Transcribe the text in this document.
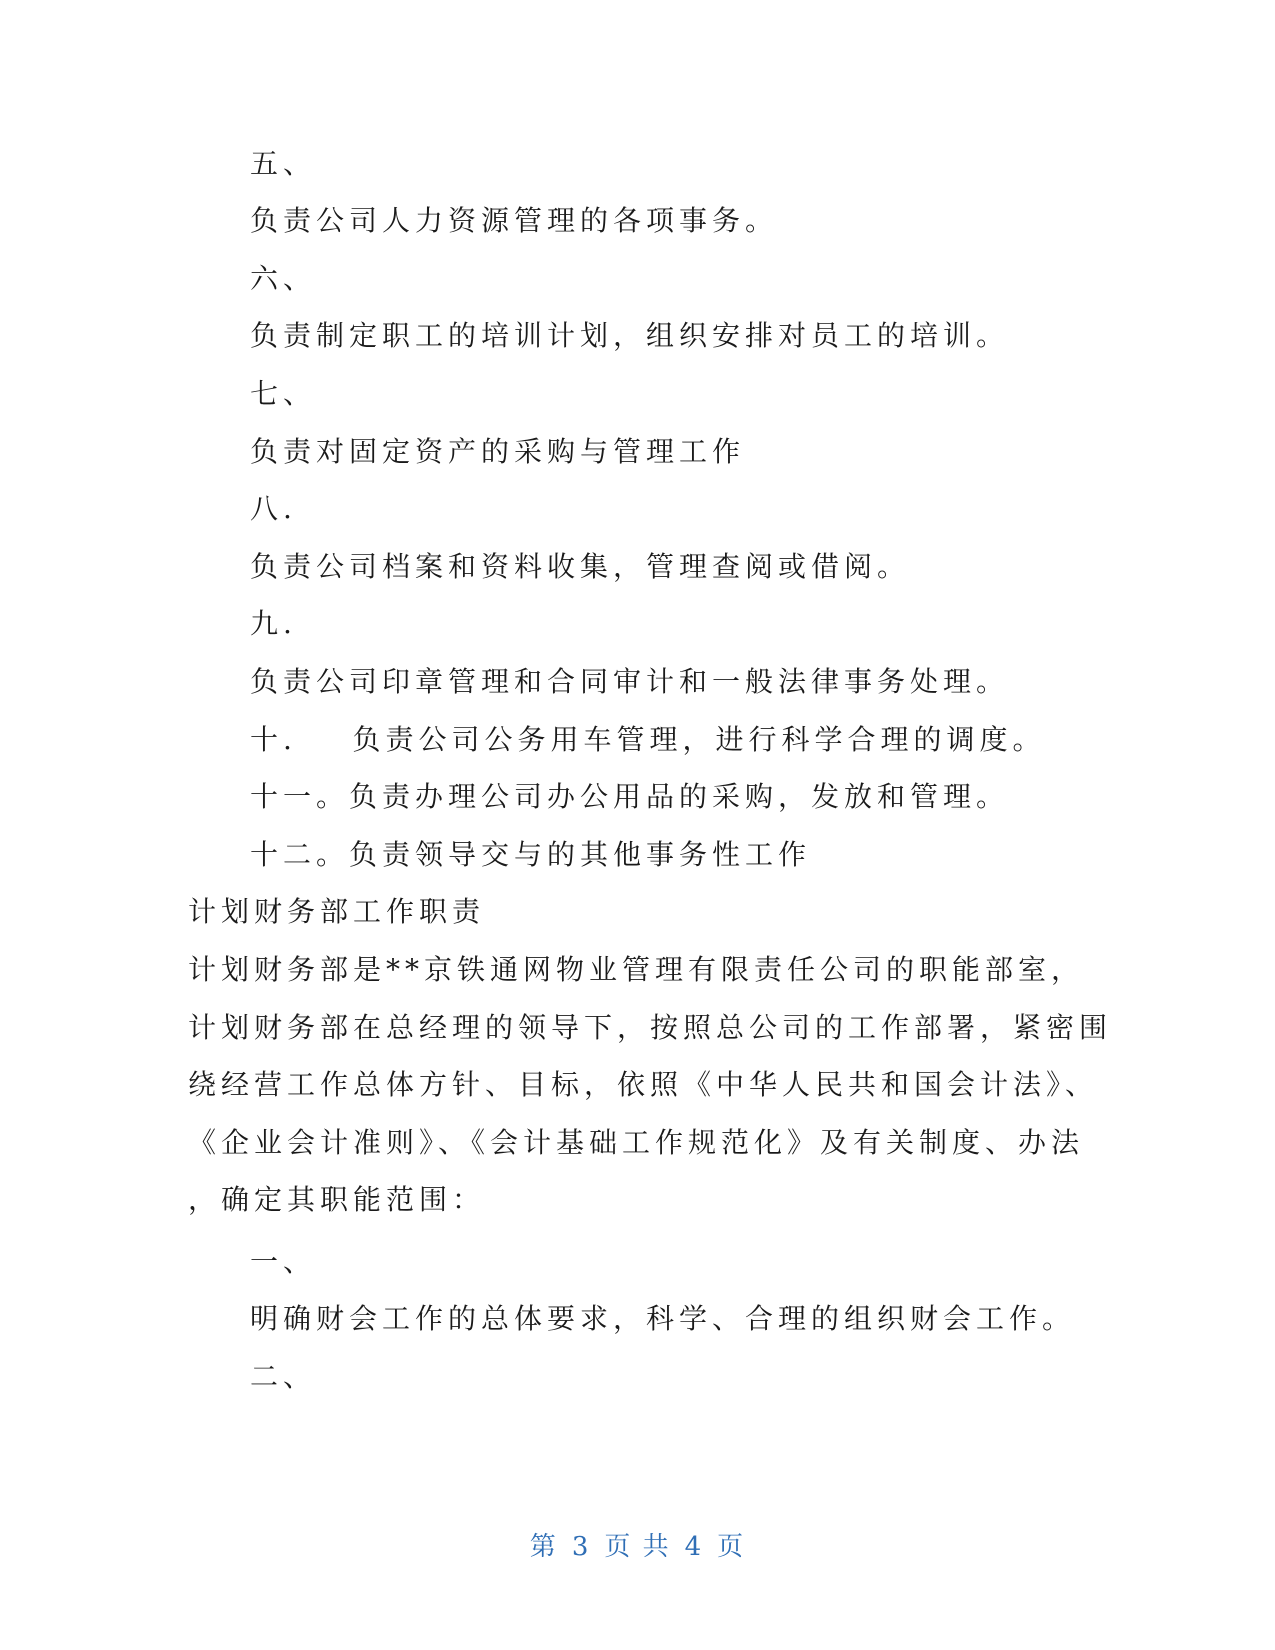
五、
负责公司人力资源管理的各项事务。
六、
负责制定职工的培训计划，组织安排对员工的培训。
七、
负责对固定资产的采购与管理工作
八.
负责公司档案和资料收集，管理查阅或借阅。
九.
负责公司印章管理和合同审计和一般法律事务处理。
十.    负责公司公务用车管理，进行科学合理的调度。
十一。负责办理公司办公用品的采购，发放和管理。
十二。负责领导交与的其他事务性工作
计划财务部工作职责
计划财务部是**京铁通网物业管理有限责任公司的职能部室，
计划财务部在总经理的领导下，按照总公司的工作部署，紧密围
绕经营工作总体方针、目标，依照《中华人民共和国会计法》、
《企业会计准则》、《会计基础工作规范化》及有关制度、办法
，确定其职能范围：
一、
明确财会工作的总体要求，科学、合理的组织财会工作。
二、
第 3 页 共 4 页
